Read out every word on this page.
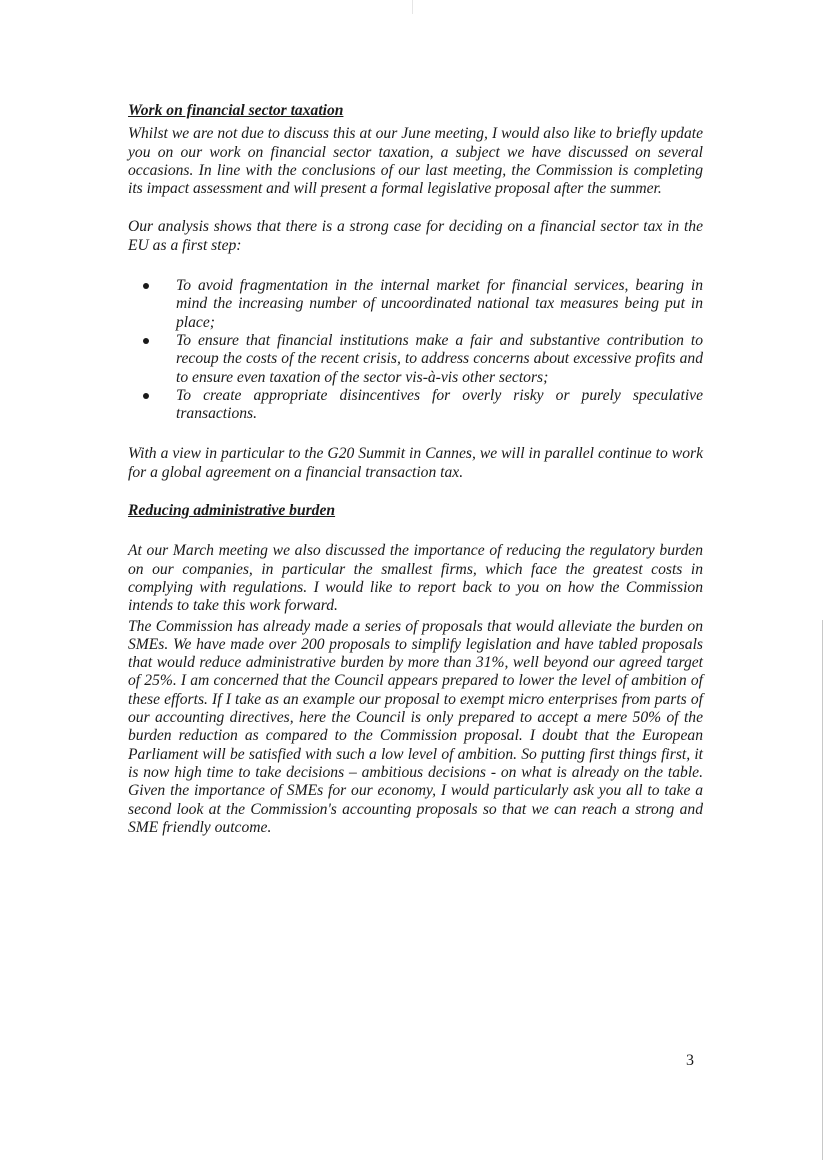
Work on financial sector taxation

Whilst we are not due to discuss this at our June meeting, I would also like to briefly update you on our work on financial sector taxation, a subject we have discussed on several occasions. In line with the conclusions of our last meeting, the Commission is completing its impact assessment and will present a formal legislative proposal after the summer.

Our analysis shows that there is a strong case for deciding on a financial sector tax in the EU as a first step:

To avoid fragmentation in the internal market for financial services, bearing in mind the increasing number of uncoordinated national tax measures being put in place;
To ensure that financial institutions make a fair and substantive contribution to recoup the costs of the recent crisis, to address concerns about excessive profits and to ensure even taxation of the sector vis-à-vis other sectors;
To create appropriate disincentives for overly risky or purely speculative transactions.

With a view in particular to the G20 Summit in Cannes, we will in parallel continue to work for a global agreement on a financial transaction tax.

Reducing administrative burden

At our March meeting we also discussed the importance of reducing the regulatory burden on our companies, in particular the smallest firms, which face the greatest costs in complying with regulations. I would like to report back to you on how the Commission intends to take this work forward.

The Commission has already made a series of proposals that would alleviate the burden on SMEs. We have made over 200 proposals to simplify legislation and have tabled proposals that would reduce administrative burden by more than 31%, well beyond our agreed target of 25%. I am concerned that the Council appears prepared to lower the level of ambition of these efforts. If I take as an example our proposal to exempt micro enterprises from parts of our accounting directives, here the Council is only prepared to accept a mere 50% of the burden reduction as compared to the Commission proposal. I doubt that the European Parliament will be satisfied with such a low level of ambition. So putting first things first, it is now high time to take decisions – ambitious decisions - on what is already on the table. Given the importance of SMEs for our economy, I would particularly ask you all to take a second look at the Commission's accounting proposals so that we can reach a strong and SME friendly outcome.

3
